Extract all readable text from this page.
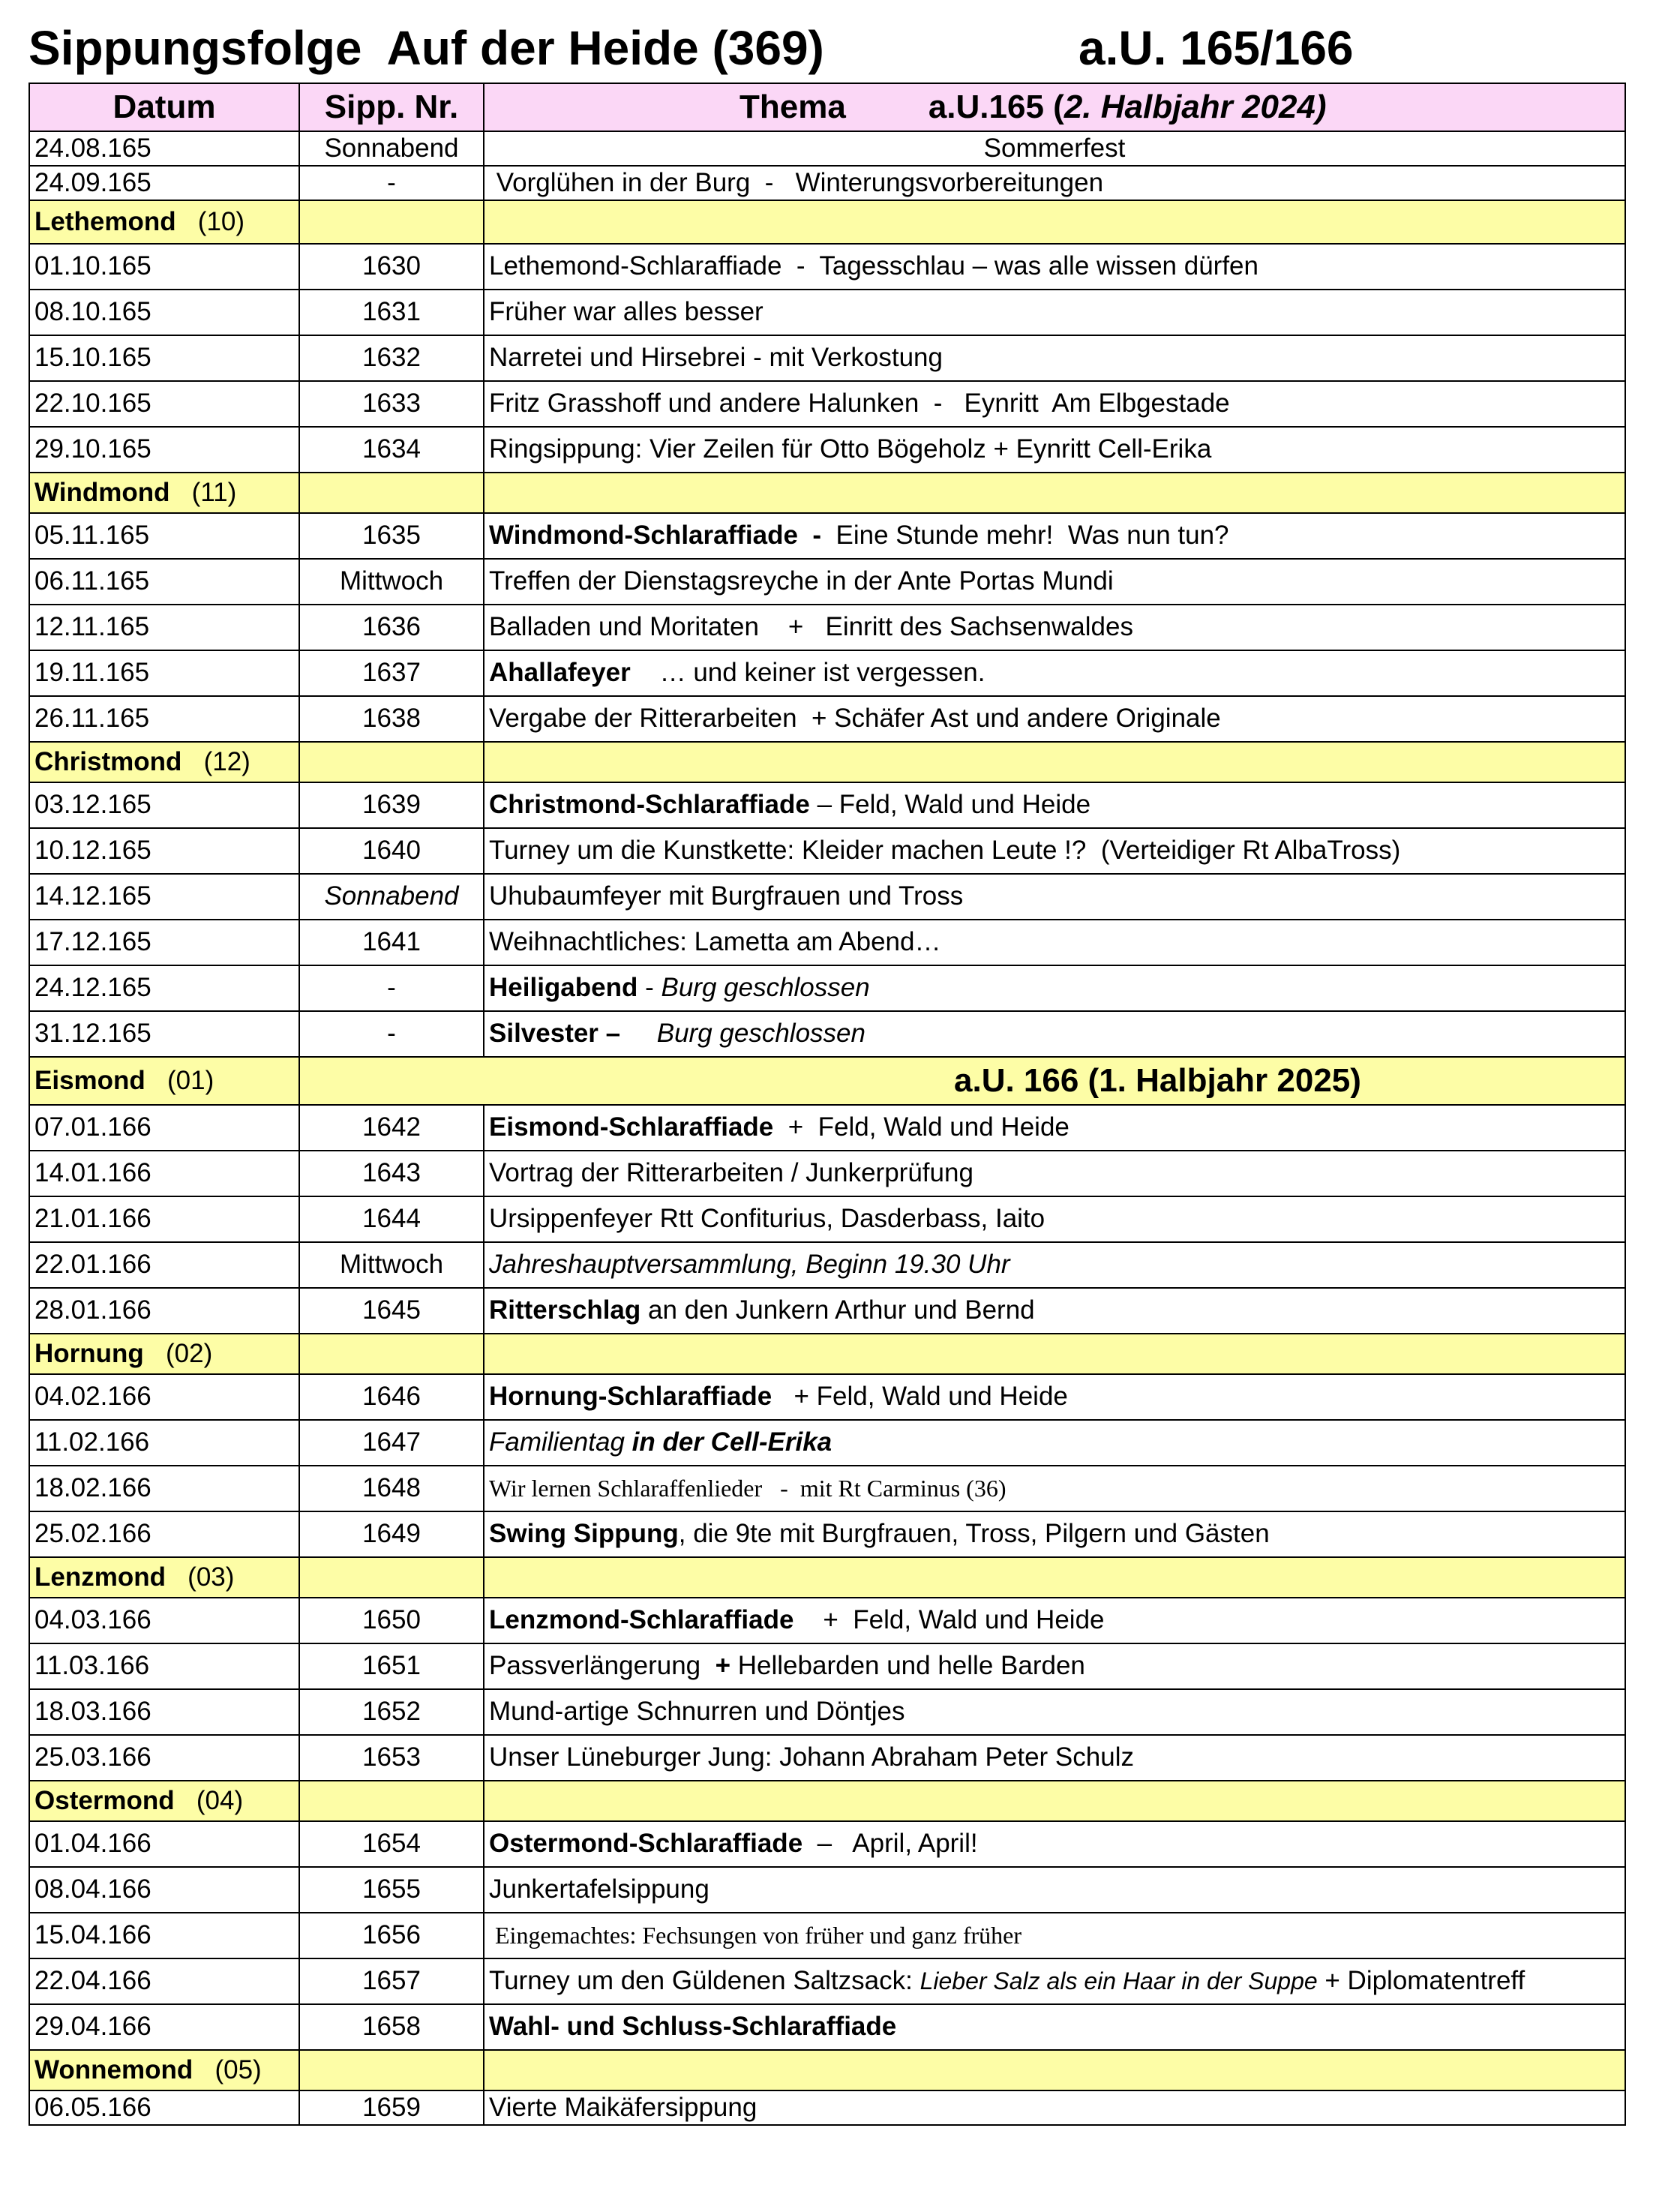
Sippungsfolge  Auf der Heide (369)	a.U. 165/166
Datum	Sipp. Nr.	Thema a.U.165 (2. Halbjahr 2024)
24.08.165	Sonnabend	Sommerfest
24.09.165	-	Vorglühen in der Burg  -   Winterungsvorbereitungen
Lethemond (10)		
01.10.165	1630	Lethemond-Schlaraffiade  -  Tagesschlau – was alle wissen dürfen
08.10.165	1631	Früher war alles besser
15.10.165	1632	Narretei und Hirsebrei - mit Verkostung
22.10.165	1633	Fritz Grasshoff und andere Halunken  -   Eynritt  Am Elbgestade
29.10.165	1634	Ringsippung: Vier Zeilen für Otto Bögeholz + Eynritt Cell-Erika
Windmond (11)		
05.11.165	1635	Windmond-Schlaraffiade  -  Eine Stunde mehr!  Was nun tun?
06.11.165	Mittwoch	Treffen der Dienstagsreyche in der Ante Portas Mundi
12.11.165	1636	Balladen und Moritaten    +   Einritt des Sachsenwaldes
19.11.165	1637	Ahallafeyer    … und keiner ist vergessen.
26.11.165	1638	Vergabe der Ritterarbeiten  + Schäfer Ast und andere Originale
Christmond (12)		
03.12.165	1639	Christmond-Schlaraffiade – Feld, Wald und Heide
10.12.165	1640	Turney um die Kunstkette: Kleider machen Leute !?  (Verteidiger Rt AlbaTross)
14.12.165	Sonnabend	Uhubaumfeyer mit Burgfrauen und Tross
17.12.165	1641	Weihnachtliches: Lametta am Abend…
24.12.165	-	Heiligabend - Burg geschlossen
31.12.165	-	Silvester – Burg geschlossen
Eismond (01)		a.U. 166 (1. Halbjahr 2025)
07.01.166	1642	Eismond-Schlaraffiade  +  Feld, Wald und Heide
14.01.166	1643	Vortrag der Ritterarbeiten / Junkerprüfung
21.01.166	1644	Ursippenfeyer Rtt Confiturius, Dasderbass, Iaito
22.01.166	Mittwoch	Jahreshauptversammlung, Beginn 19.30 Uhr
28.01.166	1645	Ritterschlag an den Junkern Arthur und Bernd
Hornung (02)		
04.02.166	1646	Hornung-Schlaraffiade   + Feld, Wald und Heide
11.02.166	1647	Familientag in der Cell-Erika
18.02.166	1648	Wir lernen Schlaraffenlieder   -  mit Rt Carminus (36)
25.02.166	1649	Swing Sippung, die 9te mit Burgfrauen, Tross, Pilgern und Gästen
Lenzmond (03)		
04.03.166	1650	Lenzmond-Schlaraffiade    +  Feld, Wald und Heide
11.03.166	1651	Passverlängerung  + Hellebarden und helle Barden
18.03.166	1652	Mund-artige Schnurren und Döntjes
25.03.166	1653	Unser Lüneburger Jung: Johann Abraham Peter Schulz
Ostermond (04)		
01.04.166	1654	Ostermond-Schlaraffiade  –   April, April!
08.04.166	1655	Junkertafelsippung
15.04.166	1656	Eingemachtes: Fechsungen von früher und ganz früher
22.04.166	1657	Turney um den Güldenen Saltzsack: Lieber Salz als ein Haar in der Suppe + Diplomatentreff
29.04.166	1658	Wahl- und Schluss-Schlaraffiade
Wonnemond (05)		
06.05.166	1659	Vierte Maikäfersippung
